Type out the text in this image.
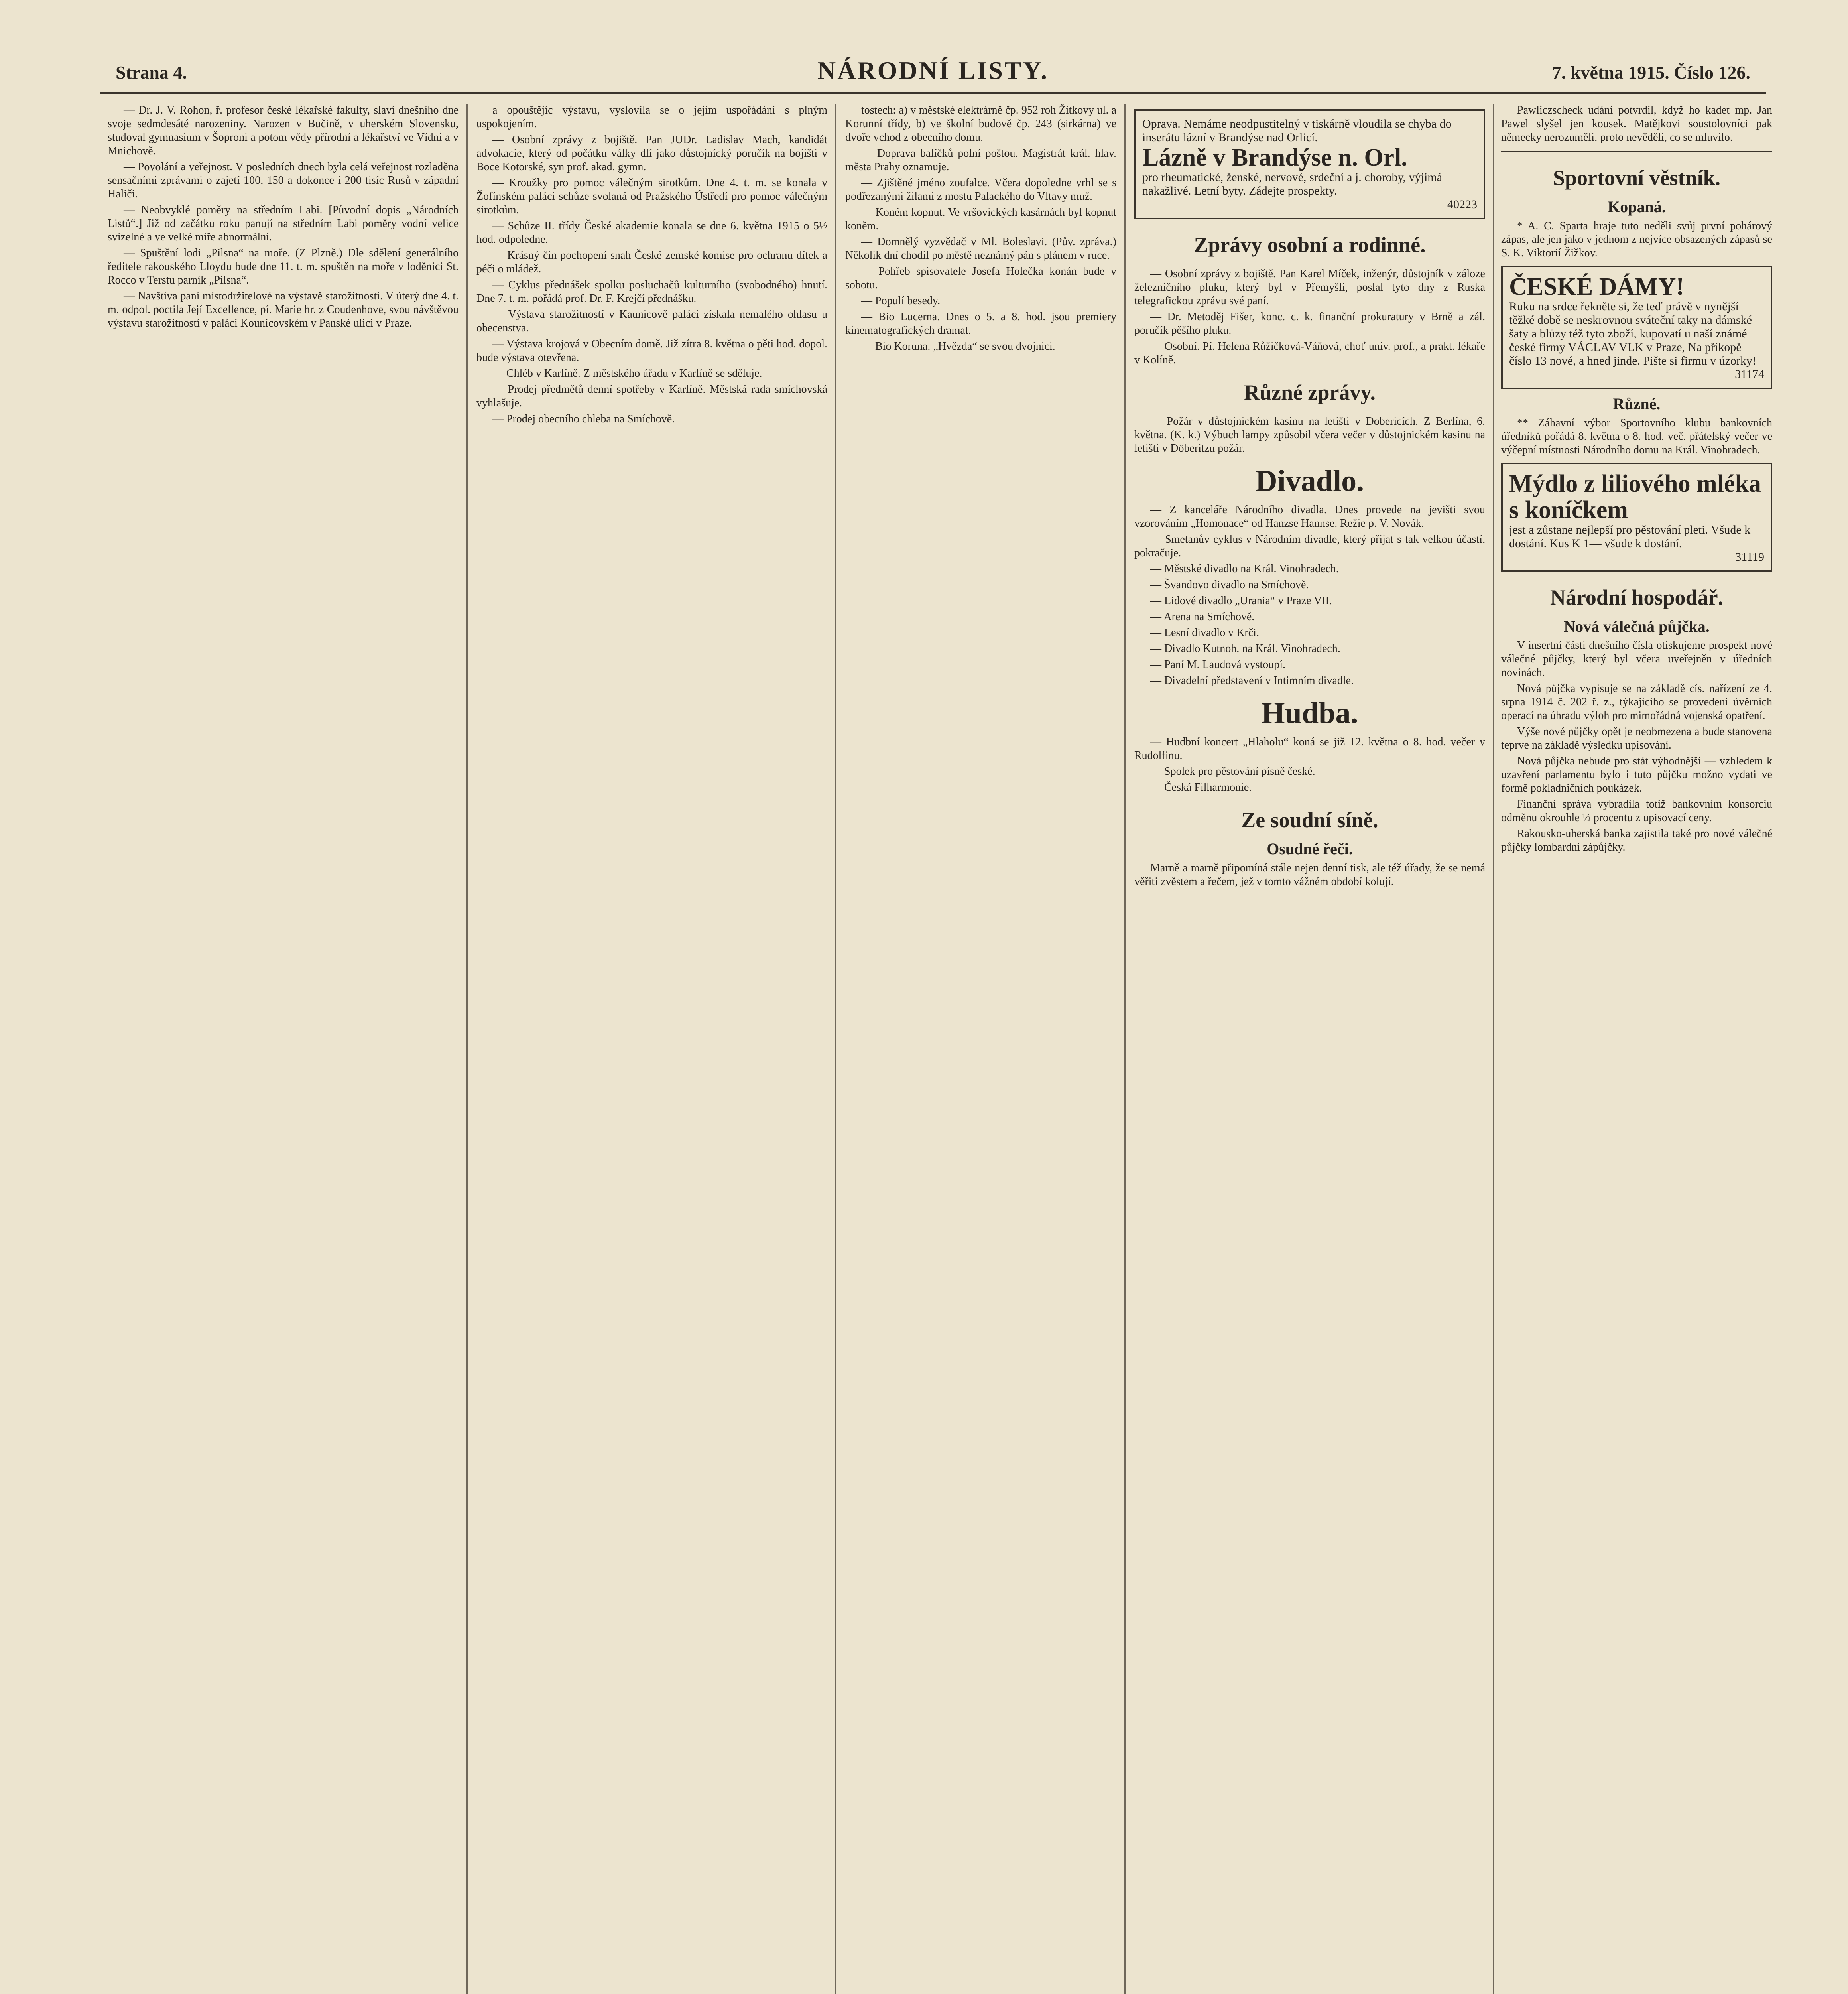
Strana 4.	NÁRODNÍ LISTY.	7. května 1915. Číslo 126.

— Dr. J. V. Rohon, ř. profesor české lékařské fakulty, slaví dnešního dne svoje sedmdesáté narozeniny. Narozen v Bučině, v uherském Slovensku, studoval gymnasium v Šopronі a potom vědy přírodní a lékařství ve Vídni a v Mnichově.

— Povolání a veřejnost. V posledních dnech byla celá veřejnost rozladěna sensačními zprávami o zajetí 100, 150 a dokonce i 200 tisíc Rusů v západní Haliči.

— Neobvyklé poměry na středním Labi. [Původní dopis „Národních Listů“.] Již od začátku roku panují na středním Labi poměry vodní velice svízelné a ve velké míře abnormální.

— Spuštění lodi „Pilsna“ na moře. (Z Plzně.) Dle sdělení generálního ředitele rakouského Lloydu bude dne 11. t. m. spuštěn na moře v loděnici St. Rocco v Terstu parník „Pilsna“.

— Navštíva paní místodržitelové na výstavě starožitností. V úterý dne 4. t. m. odpol. poctila Její Excellence, pí. Marie hr. z Coudenhove, svou návštěvou výstavu starožitností v paláci Kounicovském v Panské ulici v Praze.

a opouštějíc výstavu, vyslovila se o jejím uspořádání s plným uspokojením.

— Osobní zprávy z bojiště. Pan JUDr. Ladislav Mach, kandidát advokacie, který od počátku války dlí jako důstojnícký poručík na bojišti v Boce Kotorské, syn prof. akad. gymn.

— Kroužky pro pomoc válečným sirotkům. Dne 4. t. m. se konala v Žofínském paláci schůze svolaná od Pražského Ústředí pro pomoc válečným sirotkům.

— Schůze II. třídy České akademie konala se dne 6. května 1915 o 5½ hod. odpoledne.

— Krásný čin pochopení snah České zemské komise pro ochranu dítek a péči o mládež.

— Cyklus přednášek spolku posluchačů kulturního (svobodného) hnutí. Dne 7. t. m. pořádá prof. Dr. F. Krejčí přednášku.

— Výstava starožitností v Kaunicově paláci získala nemalého ohlasu u obecenstva.

— Výstava krojová v Obecním domě. Již zítra 8. května o pěti hod. dopol. bude výstava otevřena.

— Chléb v Karlíně. Z městského úřadu v Karlíně se sděluje.

— Prodej předmětů denní spotřeby v Karlíně. Městská rada smíchovská vyhlašuje.

— Prodej obecního chleba na Smíchově.

tostech: a) v městské elektrárně čp. 952 roh Žitkovy ul. a Korunní třídy, b) ve školní budově čp. 243 (sirkárna) ve dvoře vchod z obecního domu.

— Doprava balíčků polní poštou. Magistrát král. hlav. města Prahy oznamuje.

— Zjištěné jméno zoufalce. Včera dopoledne vrhl se s podřezanými žilami z mostu Palackého do Vltavy muž.

— Koném kopnut. Ve vršovických kasárnách byl kopnut koněm.

— Domnělý vyzvědač v Ml. Boleslavi. (Pův. zpráva.) Několik dní chodil po městě neznámý pán s plánem v ruce.

— Pohřeb spisovatele Josefa Holečka konán bude v sobotu.

— Populí besedy.

— Bio Lucerna. Dnes o 5. a 8. hod. jsou premiery kinematografických dramat.

— Bio Koruna. „Hvězda“ se svou dvojnici.

Oprava. Nemáme neodpustitelný v tiskárně vloudilа se chyba do inserátu lázní v Brandýse nad Orlicí.
Lázně v Brandýse n. Orl.
pro rheumatické, ženské, nervové, srdeční a j. choroby, výjimá nakažlivé. Letní byty. Zádejte prospekty.
40223
Zprávy osobní a rodinné.

— Osobní zprávy z bojiště. Pan Karel Míček, inženýr, důstojník v záloze železničního pluku, který byl v Přemyšli, poslal tyto dny z Ruska telegrafickou zprávu své paní.

— Dr. Metoděj Fišer, konc. c. k. finanční prokuratury v Brně a zál. poručík pěšího pluku.

— Osobní. Pí. Helena Růžičková-Váňová, choť univ. prof., a prakt. lékaře v Kolíně.

Různé zprávy.

— Požár v důstojnickém kasinu na letišti v Doberiсích. Z Berlína, 6. května. (K. k.) Výbuch lampy způsobil včera večer v důstojnickém kasinu na letišti v Döberitzu požár.

Divadlo.

— Z kanceláře Národního divadla. Dnes provede na jevišti svou vzorováním „Homonace“ od Hanzse Hannse. Režie p. V. Novák.

— Smetanův cyklus v Národním divadle, který přijat s tak velkou účastí, pokračuje.

— Městské divadlo na Král. Vinohradech.

— Švandovo divadlo na Smíchově.

— Lidové divadlo „Urania“ v Praze VII.

— Arena na Smíchově.

— Lesní divadlo v Krči.

— Divadlo Kutnoh. na Král. Vinohradech.

— Paní M. Laudová vystoupí.

— Divadelní představení v Intimním divadle.

Hudba.

— Hudbní koncert „Hlaholu“ koná se již 12. května o 8. hod. večer v Rudolfinu.

— Spolek pro pěstování písně české.

— Česká Filharmonie.

Ze soudní síně.
Osudné řeči.

Marně a marně připomíná stále nejen denní tisk, ale též úřady, že se nemá věřiti zvěstem a řečem, jež v tomto vážném období kolují.

Pawliczscheck udání potvrdil, když ho kadet mp. Jan Pawel slyšel jen kousek. Matějkovi soustolovníci pak německy nerozuměli, proto nevěděli, co se mluvilo.

Sportovní věstník.
Kopaná.

* A. C. Sparta hraje tuto neděli svůj první pohárový zápas, ale jen jako v jednom z nejvíce obsazených zápasů se S. K. Viktorií Žižkov.

ČESKÉ DÁMY!
Ruku na srdce řekněte si, že teď právě v nynější těžké době se neskrovnou sváteční taky na dámské šaty a blůzy též tyto zboží, kupovatí u naší známé české firmy VÁCLAV VLK v Praze, Na příkopě číslo 13 nové, a hned jinde. Pište si firmu v úzorky!
31174
Různé.

** Záhavní výbor Sportovního klubu bankovních úředníků pořádá 8. května o 8. hod. več. přátelský večer ve výčepní místnosti Národního domu na Král. Vinohradech.

Mýdlo z liliového mléka s koníčkem
jest a zůstane nejlepší pro pěstování pleti. Všude k dostání. Kus K 1— všude k dostání.
31119
Národní hospodář.
Nová válečná půjčka.

V insertní části dnešního čísla otiskujeme prospekt nové válečné půjčky, který byl včera uveřejněn v úředních novinách.

Nová půjčka vypisuje se na základě cís. nařízení ze 4. srpna 1914 č. 202 ř. z., týkajícího se provedení úvěrních operací na úhradu výloh pro mimořádná vojenská opatření.

Výše nové půjčky opět je neobmezena a bude stanovena teprve na základě výsledku upisování.

Nová půjčka nebude pro stát výhodnější — vzhledem k uzavření parlamentu bylo i tuto půjčku možno vydati ve formě pokladničních poukázek.

Finanční správa vybradila totiž bankovním konsorciu odměnu okrouhle ½ procentu z upisovací ceny.

Rakousko-uherská banka zajistila také pro nové válečné půjčky lombardní zápůjčky.
